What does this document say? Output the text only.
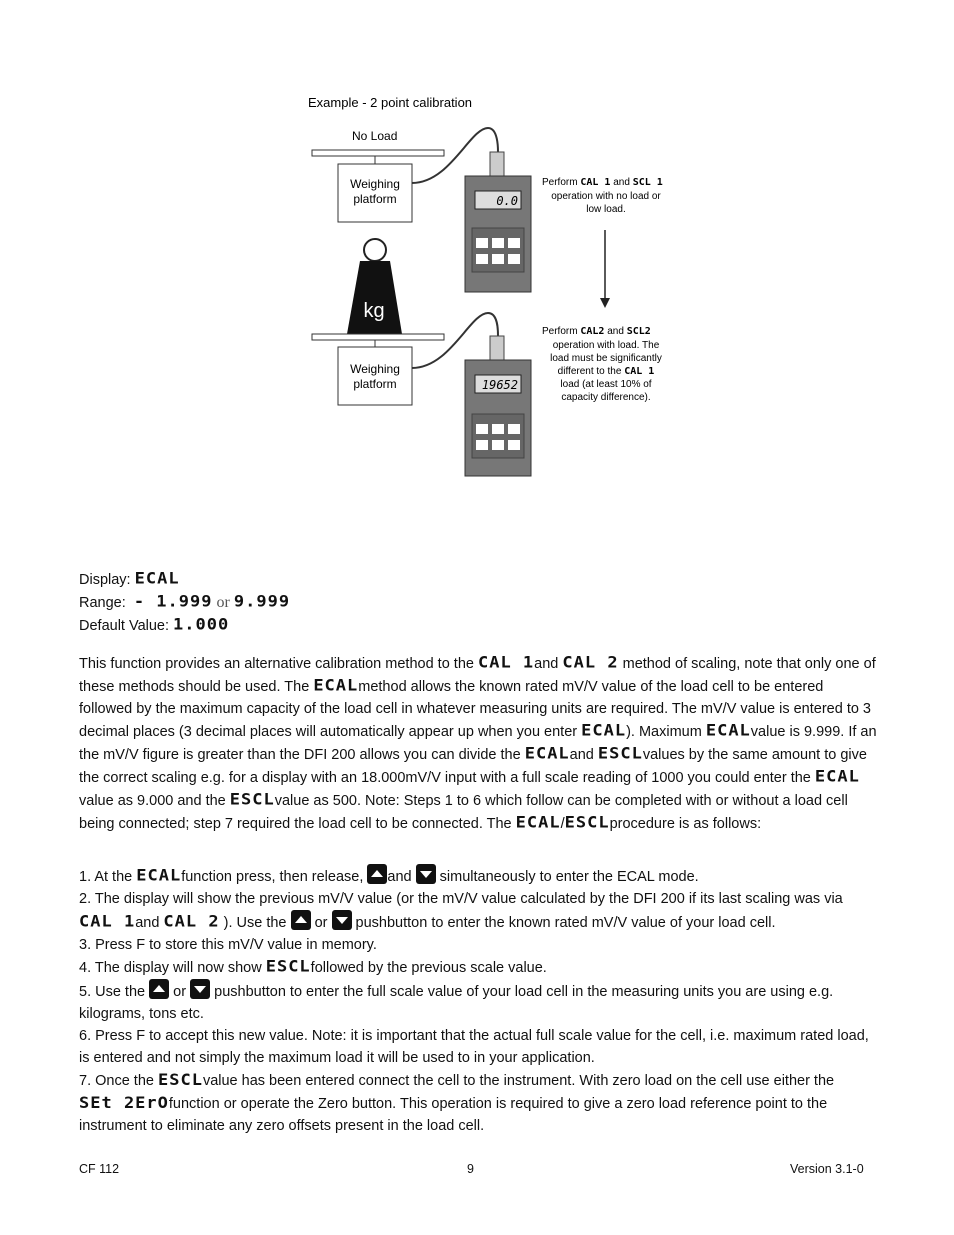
Example - 2 point calibration
No Load
Weighing
platform	0.0
Perform CAL 1 and SCL 1
operation with no load or
low load.
kg
Weighing
platform	19652
Perform CAL2 and SCL2
operation with load. The
load must be significantly
different to the CAL 1
load (at least 10% of
capacity difference).

Display: ECAL

Range: - 1.999 or 9.999

Default Value: 1.000

This function provides an alternative calibration method to the CAL 1and CAL 2 method of scaling, note that only one of these methods should be used. The ECALmethod allows the known rated mV/V value of the load cell to be entered followed by the maximum capacity of the load cell in whatever measuring units are required. The mV/V value is entered to 3 decimal places (3 decimal places will automatically appear up when you enter ECAL). Maximum ECALvalue is 9.999. If an the mV/V figure is greater than the DFI 200 allows you can divide the ECALand ESCLvalues by the same amount to give the correct scaling e.g. for a display with an 18.000mV/V input with a full scale reading of 1000 you could enter the ECALvalue as 9.000 and the ESCLvalue as 500. Note: Steps 1 to 6 which follow can be completed with or without a load cell being connected; step 7 required the load cell to be connected. The ECAL/ESCLprocedure is as follows:

1. At the ECALfunction press, then release, and simultaneously to enter the ECAL mode.

2. The display will show the previous mV/V value (or the mV/V value calculated by the DFI 200 if its last scaling was via CAL 1and CAL 2 ). Use the or pushbutton to enter the known rated mV/V value of your load cell.

3. Press F to store this mV/V value in memory.

4. The display will now show ESCLfollowed by the previous scale value.

5. Use the or pushbutton to enter the full scale value of your load cell in the measuring units you are using e.g. kilograms, tons etc.

6. Press F to accept this new value. Note: it is important that the actual full scale value for the cell, i.e. maximum rated load, is entered and not simply the maximum load it will be used to in your application.

7. Once the ESCLvalue has been entered connect the cell to the instrument. With zero load on the cell use either the SEt 2ErOfunction or operate the Zero button. This operation is required to give a zero load reference point to the instrument to eliminate any zero offsets present in the load cell.

CF 112	9	Version 3.1-0
